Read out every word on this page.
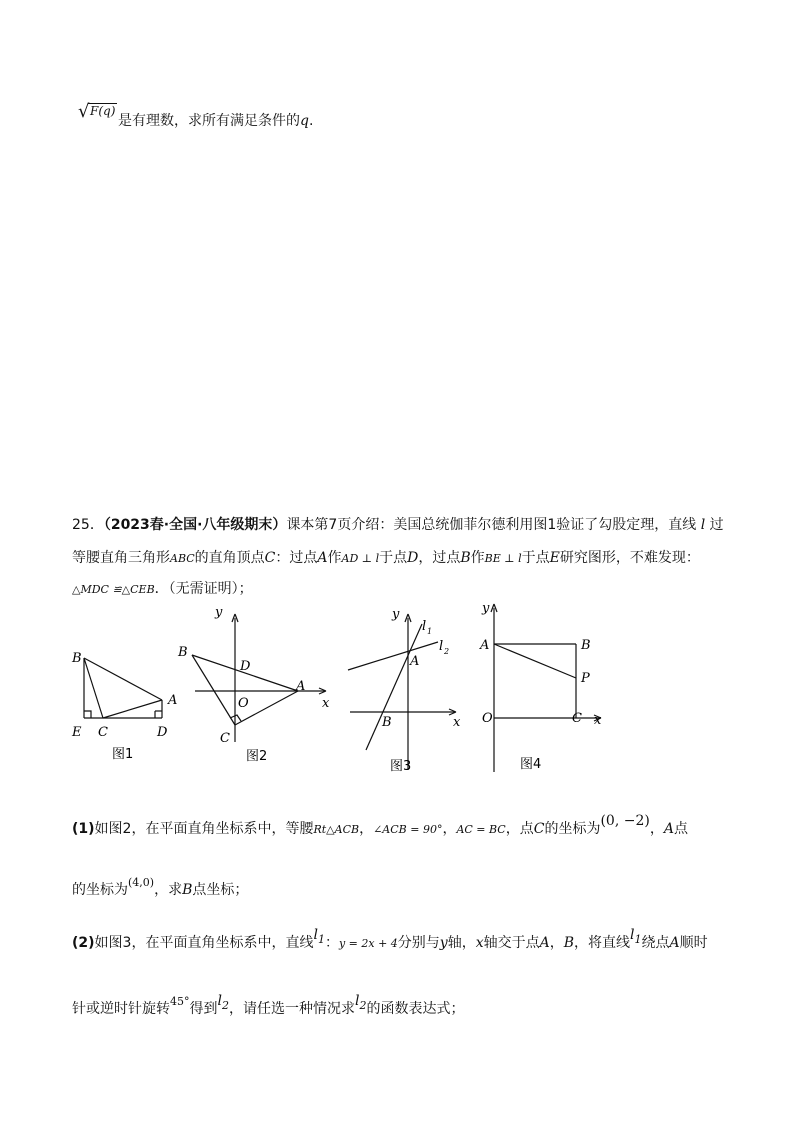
√ F(q)
是有理数，求所有满足条件的q.
25．（2023春·全国·八年级期末）课本第7页介绍：美国总统伽菲尔德利用图1验证了勾股定理，直线 l 过
等腰直角三角形ABC的直角顶点C：过点A作AD ⊥ l于点D，过点B作BE ⊥ l于点E研究图形，不难发现：
△MDC ≌△CEB．（无需证明）；
B
A
E C	D
图1
y
B
D
O
A
x
C
图2
y
l 1
l 2
A
B	x
图3
y
A	B
P
O	C x
图4
(1)如图2，在平面直角坐标系中，等腰Rt△ACB，∠ACB = 90°，AC = BC，点C的坐标为(0, −2)，A点
的坐标为$^{(4,0)}$，求B点坐标；
(2)如图3，在平面直角坐标系中，直线$l_1$：y = 2x + 4分别与y轴，x轴交于点A，B，将直线$l_1$绕点A顺时
针或逆时针旋转$^{45^\circ}$得到$l_2$，请任选一种情况求$l_2$的函数表达式；
